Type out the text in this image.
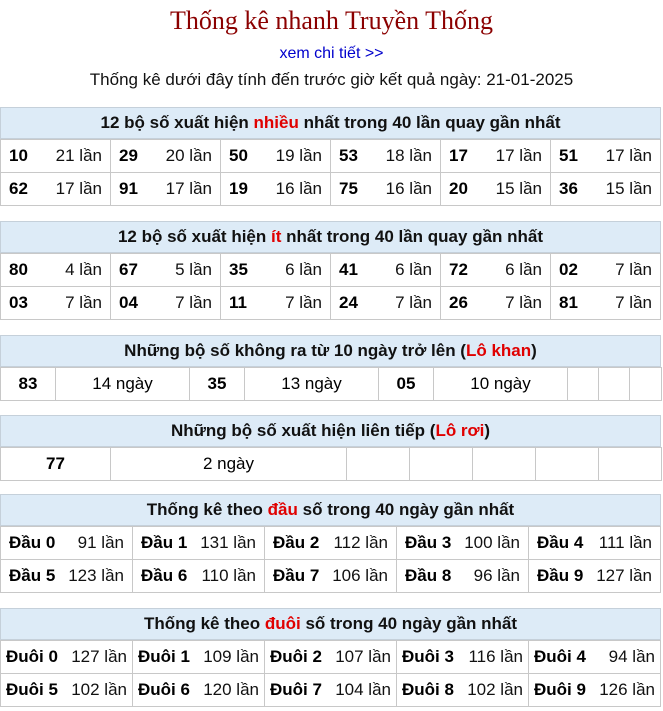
Thống kê nhanh Truyền Thống
xem chi tiết >>
Thống kê dưới đây tính đến trước giờ kết quả ngày: 21-01-2025
12 bộ số xuất hiện nhiều nhất trong 40 lần quay gần nhất
10 21 lần	29 20 lần	50 19 lần	53 18 lần	17 17 lần	51 17 lần

62 17 lần	91 17 lần	19 16 lần	75 16 lần	20 15 lần	36 15 lần
12 bộ số xuất hiện ít nhất trong 40 lần quay gần nhất
80 4 lần	67 5 lần	35 6 lần	41 6 lần	72 6 lần	02 7 lần

03 7 lần	04 7 lần	11 7 lần	24 7 lần	26 7 lần	81 7 lần
Những bộ số không ra từ 10 ngày trở lên (Lô khan)
83	14 ngày	35	13 ngày	05	10 ngày			
Những bộ số xuất hiện liên tiếp (Lô rơi)
77	2 ngày					
Thống kê theo đầu số trong 40 ngày gần nhất
Đầu 0 91 lần	Đầu 1 131 lần	Đầu 2 112 lần	Đầu 3 100 lần	Đầu 4 111 lần

Đầu 5 123 lần	Đầu 6 110 lần	Đầu 7 106 lần	Đầu 8 96 lần	Đầu 9 127 lần
Thống kê theo đuôi số trong 40 ngày gần nhất
Đuôi 0 127 lần	Đuôi 1 109 lần	Đuôi 2 107 lần	Đuôi 3 116 lần	Đuôi 4 94 lần

Đuôi 5 102 lần	Đuôi 6 120 lần	Đuôi 7 104 lần	Đuôi 8 102 lần	Đuôi 9 126 lần
